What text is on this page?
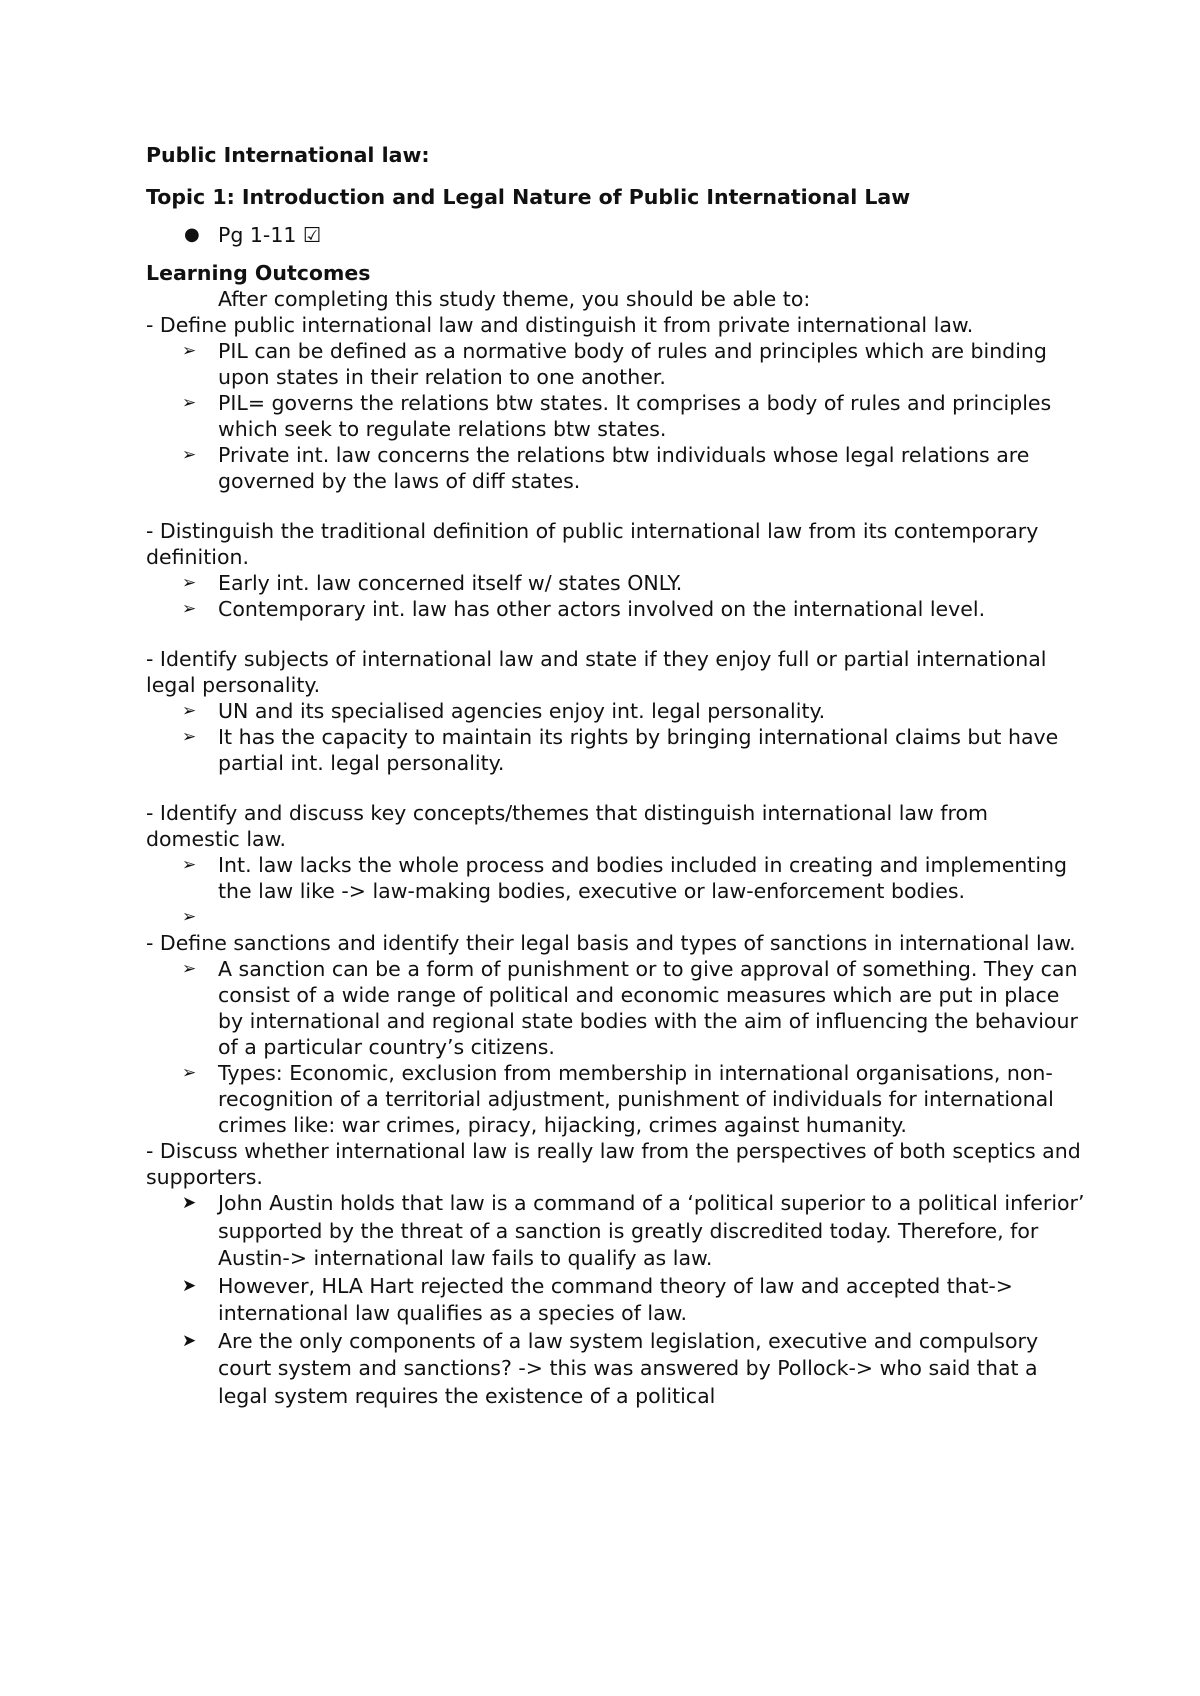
Public International law:
Topic 1: Introduction and Legal Nature of Public International Law
● Pg 1-11 ☑
Learning Outcomes
After completing this study theme, you should be able to:
- Define public international law and distinguish it from private international law.
➢	PIL can be defined as a normative body of rules and principles which are binding upon states in their relation to one another.
➢	PIL= governs the relations btw states. It comprises a body of rules and principles which seek to regulate relations btw states.
➢	Private int. law concerns the relations btw individuals whose legal relations are governed by the laws of diff states.
- Distinguish the traditional definition of public international law from its contemporary definition.
➢	Early int. law concerned itself w/ states ONLY.
➢	Contemporary int. law has other actors involved on the international level.
- Identify subjects of international law and state if they enjoy full or partial international legal personality.
➢	UN and its specialised agencies enjoy int. legal personality.
➢	It has the capacity to maintain its rights by bringing international claims but have partial int. legal personality.
- Identify and discuss key concepts/themes that distinguish international law from domestic law.
➢	Int. law lacks the whole process and bodies included in creating and implementing the law like -> law-making bodies, executive or law-enforcement bodies.
➢
- Define sanctions and identify their legal basis and types of sanctions in international law.
➢	A sanction can be a form of punishment or to give approval of something. They can consist of a wide range of political and economic measures which are put in place by international and regional state bodies with the aim of influencing the behaviour of a particular country’s citizens.
➢	Types: Economic, exclusion from membership in international organisations, non-recognition of a territorial adjustment, punishment of individuals for international crimes like: war crimes, piracy, hijacking, crimes against humanity.
- Discuss whether international law is really law from the perspectives of both sceptics and supporters.
➤	John Austin holds that law is a command of a ‘political superior to a political inferior’ supported by the threat of a sanction is greatly discredited today. Therefore, for Austin-> international law fails to qualify as law.
➤	However, HLA Hart rejected the command theory of law and accepted that-> international law qualifies as a species of law.
➤	Are the only components of a law system legislation, executive and compulsory court system and sanctions? -> this was answered by Pollock-> who said that a legal system requires the existence of a political
